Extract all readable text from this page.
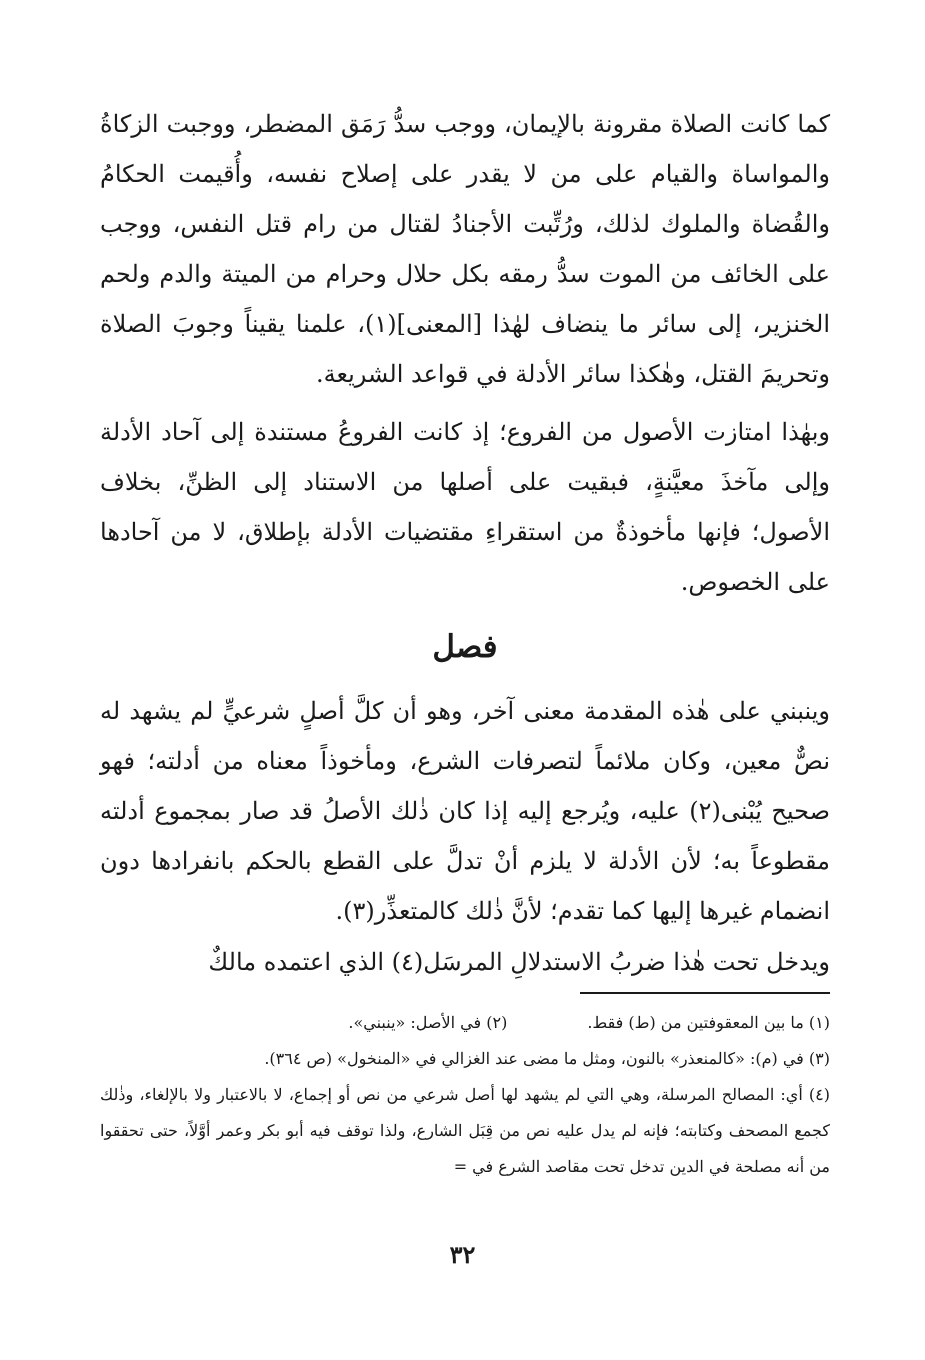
كما كانت الصلاة مقرونة بالإيمان، ووجب سدُّ رَمَق المضطر، ووجبت الزكاةُ والمواساة والقيام على من لا يقدر على إصلاح نفسه، وأُقيمت الحكامُ والقُضاة والملوك لذلك، ورُتِّبت الأجنادُ لقتال من رام قتل النفس، ووجب على الخائف من الموت سدُّ رمقه بكل حلال وحرام من الميتة والدم ولحم الخنزير، إلى سائر ما ينضاف لهٰذا [المعنى](١)، علمنا يقيناً وجوبَ الصلاة وتحريمَ القتل، وهٰكذا سائر الأدلة في قواعد الشريعة.

وبهٰذا امتازت الأصول من الفروع؛ إذ كانت الفروعُ مستندة إلى آحاد الأدلة وإلى مآخذَ معيَّنةٍ، فبقيت على أصلها من الاستناد إلى الظنِّ، بخلاف الأصول؛ فإنها مأخوذةٌ من استقراءِ مقتضيات الأدلة بإطلاق، لا من آحادها على الخصوص.

فصل

وينبني على هٰذه المقدمة معنى آخر، وهو أن كلَّ أصلٍ شرعيٍّ لم يشهد له نصٌّ معين، وكان ملائماً لتصرفات الشرع، ومأخوذاً معناه من أدلته؛ فهو صحيح يُبْنى(٢) عليه، ويُرجع إليه إذا كان ذٰلك الأصلُ قد صار بمجموع أدلته مقطوعاً به؛ لأن الأدلة لا يلزم أنْ تدلَّ على القطع بالحكم بانفرادها دون انضمام غيرها إليها كما تقدم؛ لأنَّ ذٰلك كالمتعذِّر(٣).

ويدخل تحت هٰذا ضربُ الاستدلالِ المرسَل(٤) الذي اعتمده مالكٌ

(١) ما بين المعقوفتين من (ط) فقط.
(٢) في الأصل: «ينبني».
(٣) في (م): «كالمنعذر» بالنون، ومثل ما مضى عند الغزالي في «المنخول» (ص ٣٦٤).
(٤) أي: المصالح المرسلة، وهي التي لم يشهد لها أصل شرعي من نص أو إجماع، لا بالاعتبار ولا بالإلغاء، وذٰلك كجمع المصحف وكتابته؛ فإنه لم يدل عليه نص من قِبَل الشارع، ولذا توقف فيه أبو بكر وعمر أوَّلاً، حتى تحققوا من أنه مصلحة في الدين تدخل تحت مقاصد الشرع في =
٣٢
